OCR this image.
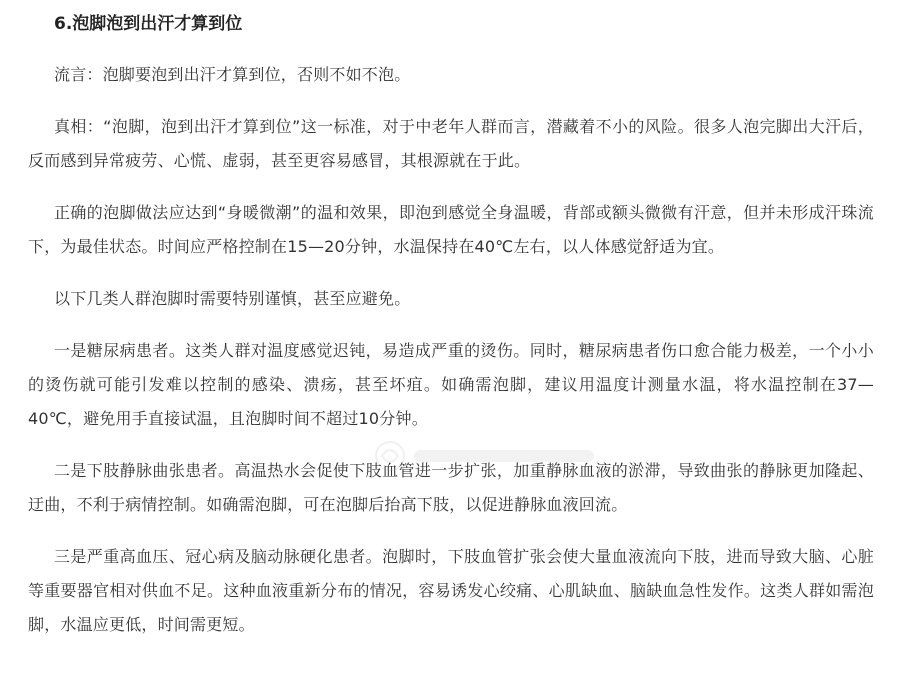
6.泡脚泡到出汗才算到位

流言：泡脚要泡到出汗才算到位，否则不如不泡。

真相：“泡脚，泡到出汗才算到位”这一标准，对于中老年人群而言，潜藏着不小的风险。很多人泡完脚出大汗后，反而感到异常疲劳、心慌、虚弱，甚至更容易感冒，其根源就在于此。

正确的泡脚做法应达到“身暖微潮”的温和效果，即泡到感觉全身温暖，背部或额头微微有汗意，但并未形成汗珠流下，为最佳状态。时间应严格控制在15—20分钟，水温保持在40℃左右，以人体感觉舒适为宜。

以下几类人群泡脚时需要特别谨慎，甚至应避免。

一是糖尿病患者。这类人群对温度感觉迟钝，易造成严重的烫伤。同时，糖尿病患者伤口愈合能力极差，一个小小的烫伤就可能引发难以控制的感染、溃疡，甚至坏疽。如确需泡脚，建议用温度计测量水温，将水温控制在37—40℃，避免用手直接试温，且泡脚时间不超过10分钟。

二是下肢静脉曲张患者。高温热水会促使下肢血管进一步扩张，加重静脉血液的淤滞，导致曲张的静脉更加隆起、迂曲，不利于病情控制。如确需泡脚，可在泡脚后抬高下肢，以促进静脉血液回流。

三是严重高血压、冠心病及脑动脉硬化患者。泡脚时，下肢血管扩张会使大量血液流向下肢，进而导致大脑、心脏等重要器官相对供血不足。这种血液重新分布的情况，容易诱发心绞痛、心肌缺血、脑缺血急性发作。这类人群如需泡脚，水温应更低，时间需更短。
